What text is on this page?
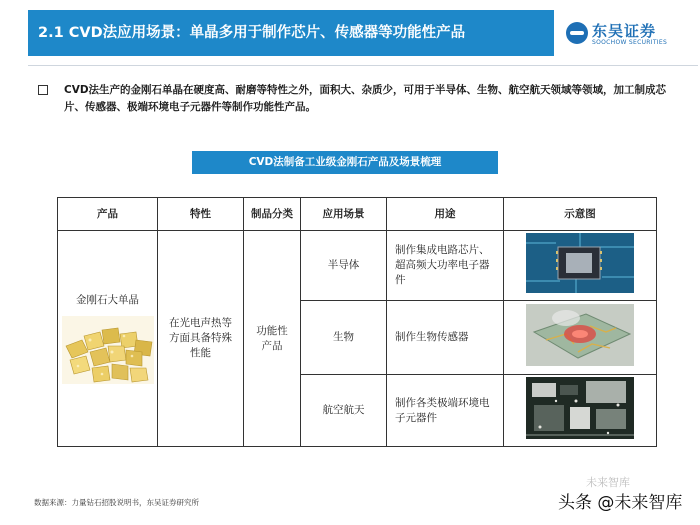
2.1 CVD法应用场景：单晶多用于制作芯片、传感器等功能性产品	东吴证券
SOOCHOW SECURITIES
CVD法生产的金刚石单晶在硬度高、耐磨等特性之外，面积大、杂质少，可用于半导体、生物、航空航天领域等领域，加工制成芯片、传感器、极端环境电子元器件等制作功能性产品。
CVD法制备工业级金刚石产品及场景梳理
产品	特性	制品分类	应用场景	用途	示意图

金刚石大单晶	在光电声热等方面具备特殊性能	功能性产品	半导体	制作集成电路芯片、超高频大功率电子器件	
			生物	制作生物传感器	
			航空航天	制作各类极端环境电子元器件	
数据来源：力量钻石招股说明书，东吴证券研究所
未来智库
头条 @未来智库
